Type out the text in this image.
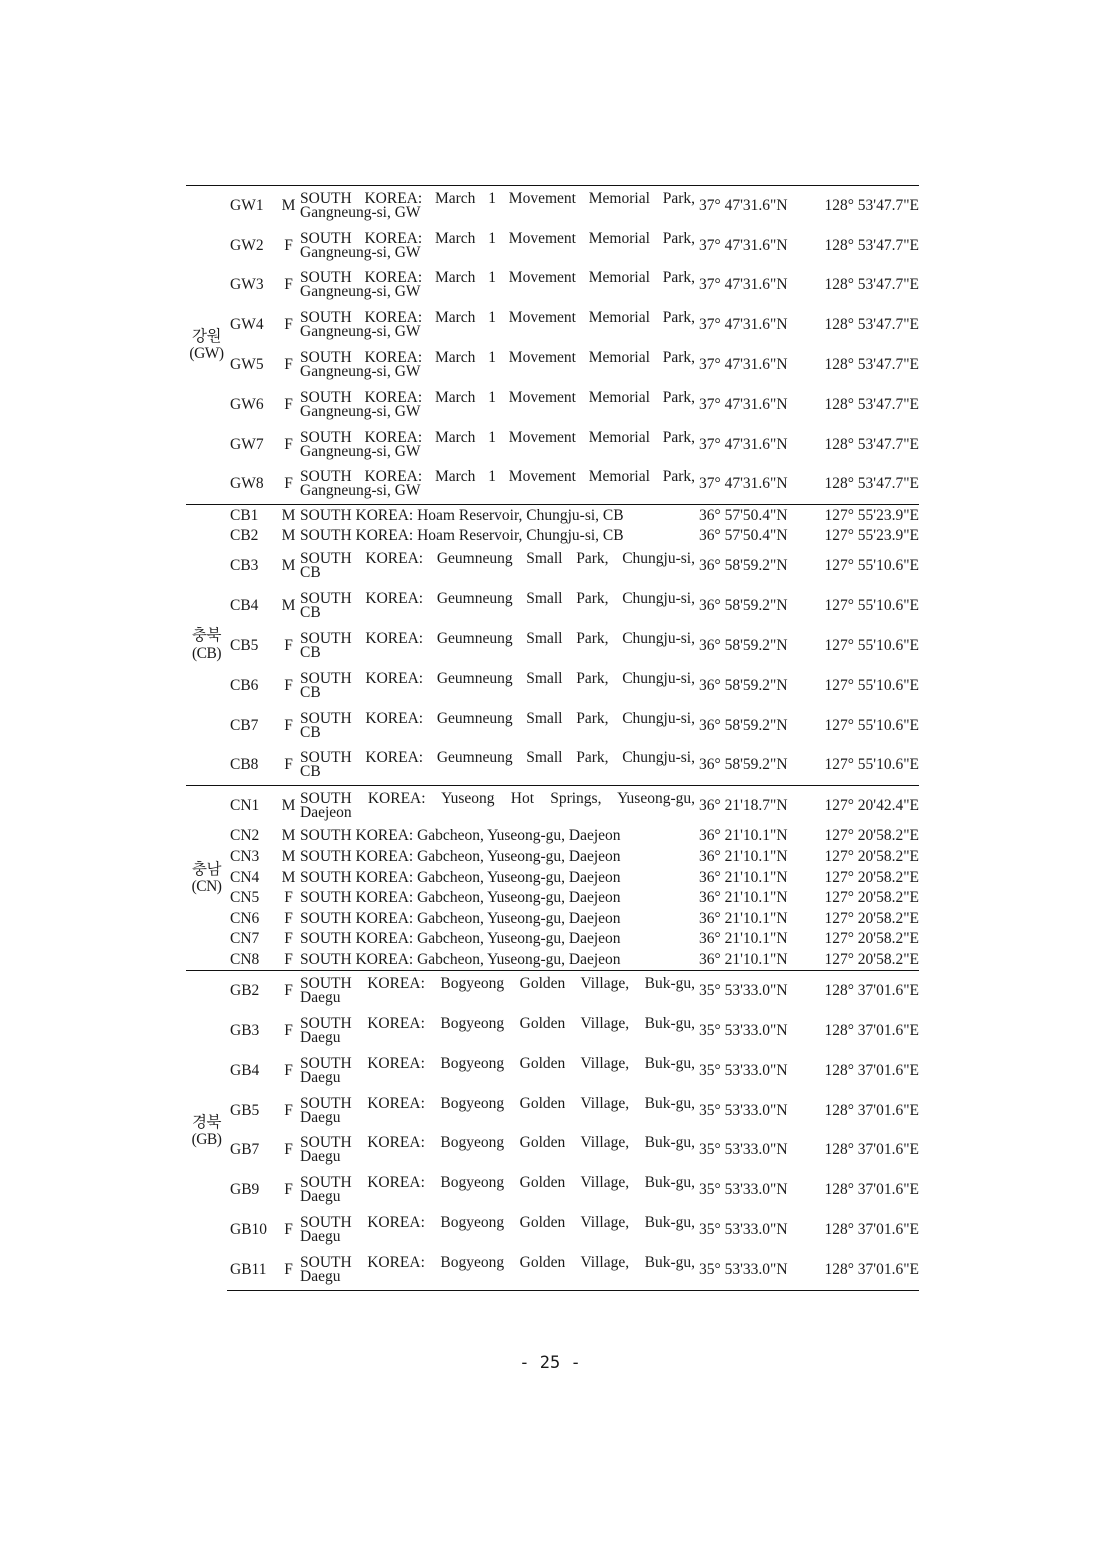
강원
(GW)	GW1	M	SOUTH KOREA: March 1 Movement Memorial Park,
Gangneung-si, GW	37° 47'31.6"N	128° 53'47.7"E
	GW2	F	SOUTH KOREA: March 1 Movement Memorial Park,
Gangneung-si, GW	37° 47'31.6"N	128° 53'47.7"E
	GW3	F	SOUTH KOREA: March 1 Movement Memorial Park,
Gangneung-si, GW	37° 47'31.6"N	128° 53'47.7"E
	GW4	F	SOUTH KOREA: March 1 Movement Memorial Park,
Gangneung-si, GW	37° 47'31.6"N	128° 53'47.7"E
	GW5	F	SOUTH KOREA: March 1 Movement Memorial Park,
Gangneung-si, GW	37° 47'31.6"N	128° 53'47.7"E
	GW6	F	SOUTH KOREA: March 1 Movement Memorial Park,
Gangneung-si, GW	37° 47'31.6"N	128° 53'47.7"E
	GW7	F	SOUTH KOREA: March 1 Movement Memorial Park,
Gangneung-si, GW	37° 47'31.6"N	128° 53'47.7"E
	GW8	F	SOUTH KOREA: March 1 Movement Memorial Park,
Gangneung-si, GW	37° 47'31.6"N	128° 53'47.7"E

충북
(CB)	CB1	M	SOUTH KOREA: Hoam Reservoir, Chungju-si, CB	36° 57'50.4"N	127° 55'23.9"E
	CB2	M	SOUTH KOREA: Hoam Reservoir, Chungju-si, CB	36° 57'50.4"N	127° 55'23.9"E
	CB3	M	SOUTH KOREA: Geumneung Small Park, Chungju-si,
CB	36° 58'59.2"N	127° 55'10.6"E
	CB4	M	SOUTH KOREA: Geumneung Small Park, Chungju-si,
CB	36° 58'59.2"N	127° 55'10.6"E
	CB5	F	SOUTH KOREA: Geumneung Small Park, Chungju-si,
CB	36° 58'59.2"N	127° 55'10.6"E
	CB6	F	SOUTH KOREA: Geumneung Small Park, Chungju-si,
CB	36° 58'59.2"N	127° 55'10.6"E
	CB7	F	SOUTH KOREA: Geumneung Small Park, Chungju-si,
CB	36° 58'59.2"N	127° 55'10.6"E
	CB8	F	SOUTH KOREA: Geumneung Small Park, Chungju-si,
CB	36° 58'59.2"N	127° 55'10.6"E

충남
(CN)	CN1	M	SOUTH KOREA: Yuseong Hot Springs, Yuseong-gu,
Daejeon	36° 21'18.7"N	127° 20'42.4"E
	CN2	M	SOUTH KOREA: Gabcheon, Yuseong-gu, Daejeon	36° 21'10.1"N	127° 20'58.2"E
	CN3	M	SOUTH KOREA: Gabcheon, Yuseong-gu, Daejeon	36° 21'10.1"N	127° 20'58.2"E
	CN4	M	SOUTH KOREA: Gabcheon, Yuseong-gu, Daejeon	36° 21'10.1"N	127° 20'58.2"E
	CN5	F	SOUTH KOREA: Gabcheon, Yuseong-gu, Daejeon	36° 21'10.1"N	127° 20'58.2"E
	CN6	F	SOUTH KOREA: Gabcheon, Yuseong-gu, Daejeon	36° 21'10.1"N	127° 20'58.2"E
	CN7	F	SOUTH KOREA: Gabcheon, Yuseong-gu, Daejeon	36° 21'10.1"N	127° 20'58.2"E
	CN8	F	SOUTH KOREA: Gabcheon, Yuseong-gu, Daejeon	36° 21'10.1"N	127° 20'58.2"E

경북
(GB)	GB2	F	SOUTH KOREA: Bogyeong Golden Village, Buk-gu,
Daegu	35° 53'33.0"N	128° 37'01.6"E
	GB3	F	SOUTH KOREA: Bogyeong Golden Village, Buk-gu,
Daegu	35° 53'33.0"N	128° 37'01.6"E
	GB4	F	SOUTH KOREA: Bogyeong Golden Village, Buk-gu,
Daegu	35° 53'33.0"N	128° 37'01.6"E
	GB5	F	SOUTH KOREA: Bogyeong Golden Village, Buk-gu,
Daegu	35° 53'33.0"N	128° 37'01.6"E
	GB7	F	SOUTH KOREA: Bogyeong Golden Village, Buk-gu,
Daegu	35° 53'33.0"N	128° 37'01.6"E
	GB9	F	SOUTH KOREA: Bogyeong Golden Village, Buk-gu,
Daegu	35° 53'33.0"N	128° 37'01.6"E
	GB10	F	SOUTH KOREA: Bogyeong Golden Village, Buk-gu,
Daegu	35° 53'33.0"N	128° 37'01.6"E
	GB11	F	SOUTH KOREA: Bogyeong Golden Village, Buk-gu,
Daegu	35° 53'33.0"N	128° 37'01.6"E
- 25 -
